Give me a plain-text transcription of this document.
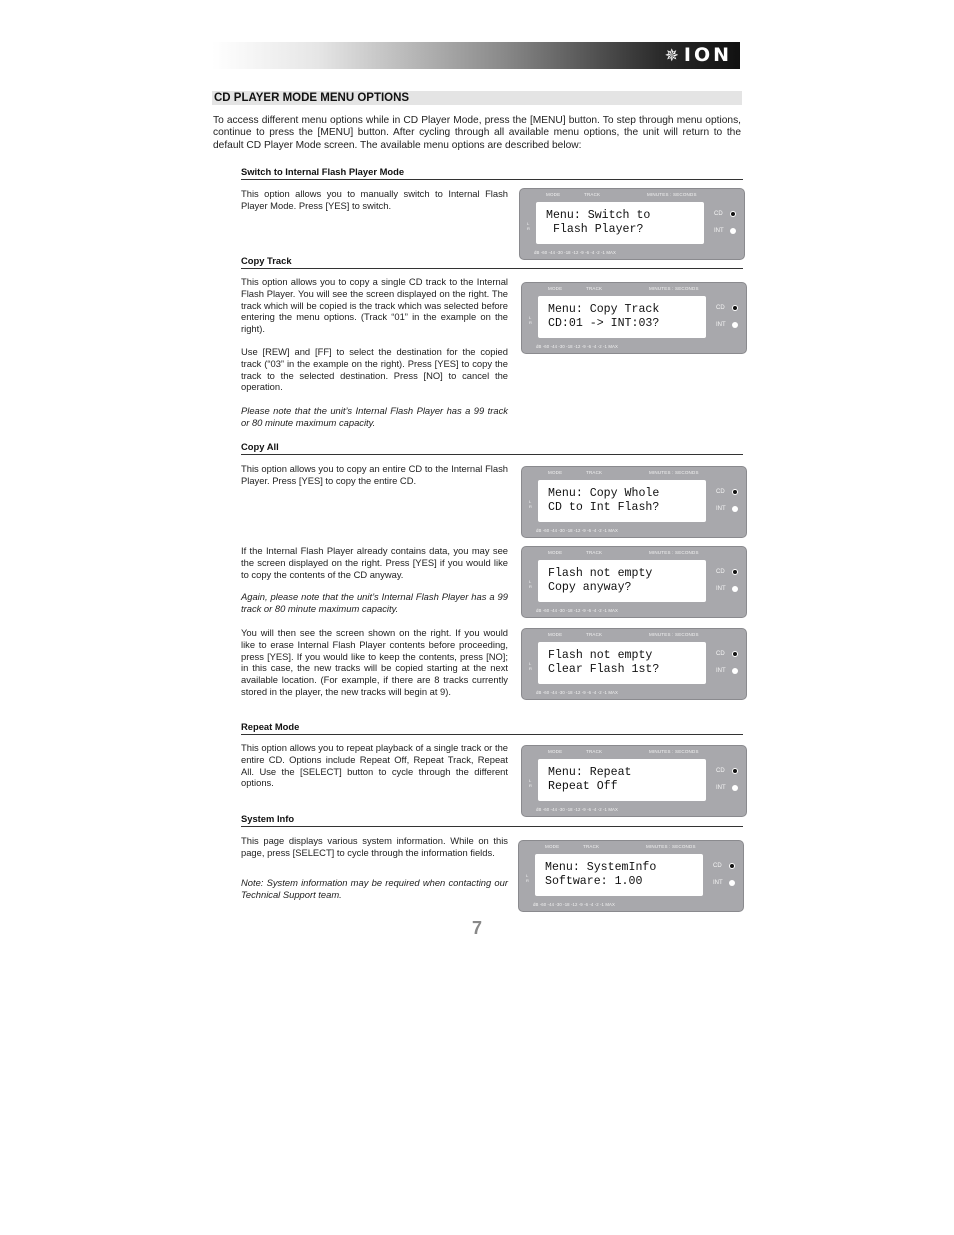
✵ ION
CD PLAYER MODE MENU OPTIONS

To access different menu options while in CD Player Mode, press the [MENU] button. To step through menu options, continue to press the [MENU] button. After cycling through all available menu options, the unit will return to the default CD Player Mode screen. The available menu options are described below:

Switch to Internal Flash Player Mode

This option allows you to manually switch to Internal Flash Player Mode. Press [YES] to switch.

MODE	TRACK	MINUTES : SECONDS
Menu: Switch to
Flash Player?
L R
dB -60 -44 -30 -18 -12 -9 -6 -4 -2 -1 MAX
CD
INT
Copy Track

This option allows you to copy a single CD track to the Internal Flash Player. You will see the screen displayed on the right. The track which will be copied is the track which was selected before entering the menu options. (Track “01” in the example on the right).

Use [REW] and [FF] to select the destination for the copied track (“03” in the example on the right). Press [YES] to copy the track to the selected destination. Press [NO] to cancel the operation.

Please note that the unit’s Internal Flash Player has a 99 track or 80 minute maximum capacity.

MODE	TRACK	MINUTES : SECONDS
Menu: Copy Track
CD:01 -> INT:03?
L R
dB -60 -44 -30 -18 -12 -9 -6 -4 -2 -1 MAX
CD
INT
Copy All

This option allows you to copy an entire CD to the Internal Flash Player. Press [YES] to copy the entire CD.

If the Internal Flash Player already contains data, you may see the screen displayed on the right. Press [YES] if you would like to copy the contents of the CD anyway.

Again, please note that the unit’s Internal Flash Player has a 99 track or 80 minute maximum capacity.

You will then see the screen shown on the right. If you would like to erase Internal Flash Player contents before proceeding, press [YES]. If you would like to keep the contents, press [NO]; in this case, the new tracks will be copied starting at the next available location. (For example, if there are 8 tracks currently stored in the player, the new tracks will begin at 9).

MODE	TRACK	MINUTES : SECONDS
Menu: Copy Whole
CD to Int Flash?
L R
dB -60 -44 -30 -18 -12 -9 -6 -4 -2 -1 MAX
CD
INT
MODE	TRACK	MINUTES : SECONDS
Flash not empty
Copy anyway?
L R
dB -60 -44 -30 -18 -12 -9 -6 -4 -2 -1 MAX
CD
INT
MODE	TRACK	MINUTES : SECONDS
Flash not empty
Clear Flash 1st?
L R
dB -60 -44 -30 -18 -12 -9 -6 -4 -2 -1 MAX
CD
INT
Repeat Mode

This option allows you to repeat playback of a single track or the entire CD. Options include Repeat Off, Repeat Track, Repeat All. Use the [SELECT] button to cycle through the different options.

MODE	TRACK	MINUTES : SECONDS
Menu: Repeat
Repeat Off
L R
dB -60 -44 -30 -18 -12 -9 -6 -4 -2 -1 MAX
CD
INT
System Info

This page displays various system information. While on this page, press [SELECT] to cycle through the information fields.

Note: System information may be required when contacting our Technical Support team.

MODE	TRACK	MINUTES : SECONDS
Menu: SystemInfo
Software: 1.00
L R
dB -60 -44 -30 -18 -12 -9 -6 -4 -2 -1 MAX
CD
INT
7
